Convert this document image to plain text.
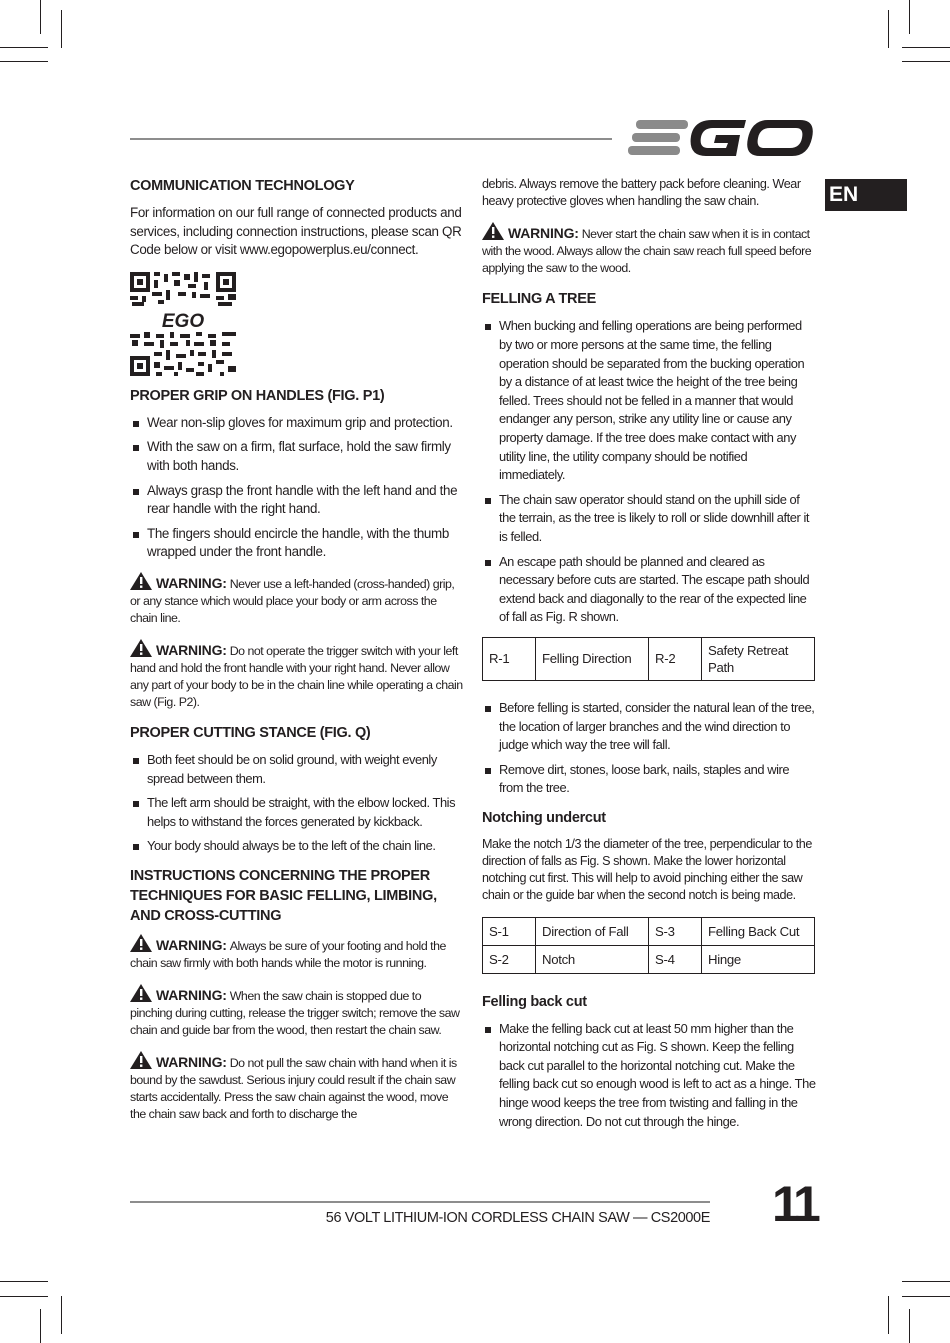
EN
COMMUNICATION TECHNOLOGY
For information on our full range of connected products and services, including connection instructions, please scan QR Code below or visit www.egopowerplus.eu/connect.
EGO
PROPER GRIP ON HANDLES (FIG. P1)
Wear non-slip gloves for maximum grip and protection.
With the saw on a firm, flat surface, hold the saw firmly with both hands.
Always grasp the front handle with the left hand and the rear handle with the right hand.
The fingers should encircle the handle, with the thumb wrapped under the front handle.
WARNING: Never use a left-handed (cross-handed) grip, or any stance which would place your body or arm across the chain line.
WARNING: Do not operate the trigger switch with your left hand and hold the front handle with your right hand. Never allow any part of your body to be in the chain line while operating a chain saw (Fig. P2).
PROPER CUTTING STANCE (FIG. Q)
Both feet should be on solid ground, with weight evenly spread between them.
The left arm should be straight, with the elbow locked. This helps to withstand the forces generated by kickback.
Your body should always be to the left of the chain line.
INSTRUCTIONS CONCERNING THE PROPER TECHNIQUES FOR BASIC FELLING, LIMBING, AND CROSS-CUTTING
WARNING: Always be sure of your footing and hold the chain saw firmly with both hands while the motor is running.
WARNING: When the saw chain is stopped due to pinching during cutting, release the trigger switch; remove the saw chain and guide bar from the wood, then restart the chain saw.
WARNING: Do not pull the saw chain with hand when it is bound by the sawdust. Serious injury could result if the chain saw starts accidentally. Press the saw chain against the wood, move the chain saw back and forth to discharge the
debris. Always remove the battery pack before cleaning. Wear heavy protective gloves when handling the saw chain.
WARNING: Never start the chain saw when it is in contact with the wood. Always allow the chain saw reach full speed before applying the saw to the wood.
FELLING A TREE
When bucking and felling operations are being performed by two or more persons at the same time, the felling operation should be separated from the bucking operation by a distance of at least twice the height of the tree being felled. Trees should not be felled in a manner that would endanger any person, strike any utility line or cause any property damage. If the tree does make contact with any utility line, the utility company should be notified immediately.
The chain saw operator should stand on the uphill side of the terrain, as the tree is likely to roll or slide downhill after it is felled.
An escape path should be planned and cleared as necessary before cuts are started. The escape path should extend back and diagonally to the rear of the expected line of fall as Fig. R shown.
R-1	Felling Direction	R-2	Safety Retreat Path
Before felling is started, consider the natural lean of the tree, the location of larger branches and the wind direction to judge which way the tree will fall.
Remove dirt, stones, loose bark, nails, staples and wire from the tree.
Notching undercut
Make the notch 1/3 the diameter of the tree, perpendicular to the direction of falls as Fig. S shown. Make the lower horizontal notching cut first. This will help to avoid pinching either the saw chain or the guide bar when the second notch is being made.
S-1	Direction of Fall	S-3	Felling Back Cut
S-2	Notch	S-4	Hinge
Felling back cut
Make the felling back cut at least 50 mm higher than the horizontal notching cut as Fig. S shown. Keep the felling back cut parallel to the horizontal notching cut. Make the felling back cut so enough wood is left to act as a hinge. The hinge wood keeps the tree from twisting and falling in the wrong direction. Do not cut through the hinge.
56 VOLT LITHIUM-ION CORDLESS CHAIN SAW — CS2000E 11
